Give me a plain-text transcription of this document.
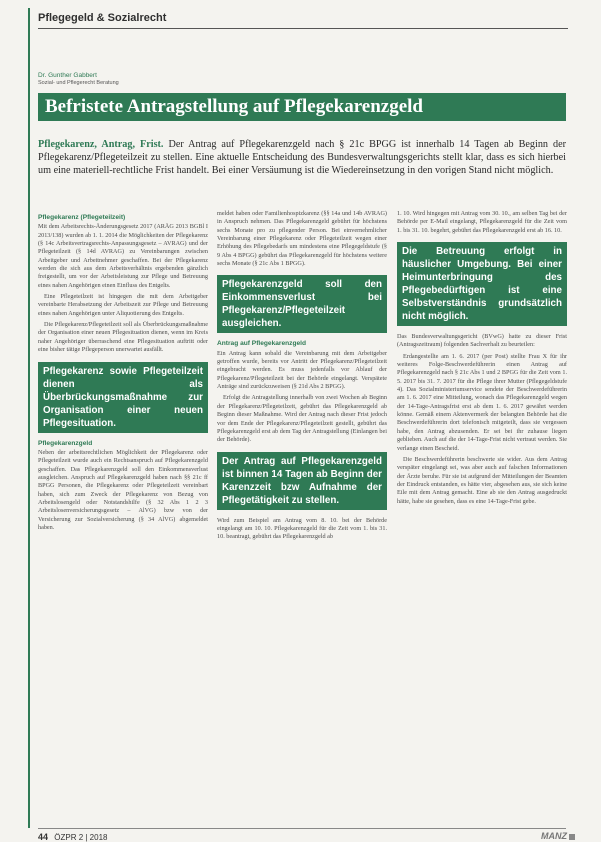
Pflegegeld & Sozialrecht
Dr. Gunther Gabbert
Sozial- und Pflegerecht Beratung
Befristete Antragstellung auf Pflegekarenzgeld
Pflegekarenz, Antrag, Frist. Der Antrag auf Pflegekarenzgeld nach § 21c BPGG ist innerhalb 14 Tagen ab Beginn der Pflegekarenz/Pflegeteilzeit zu stellen. Eine aktuelle Entscheidung des Bundesverwaltungsgerichts stellt klar, dass es sich hierbei um eine materiell-rechtliche Frist handelt. Bei einer Versäumung ist die Wiedereinsetzung in den vorigen Stand nicht möglich.
Pflegekarenz (Pflegeteilzeit)

Mit dem Arbeitsrechts-Änderungsgesetz 2017 (ARÄG 2013 BGBl I 2013/138) wurden ab 1. 1. 2014 die Möglichkeiten der Pflegekarenz (§ 14c Arbeitsvertragsrechts-Anpassungsgesetz – AVRAG) und der Pflegeteilzeit (§ 14d AVRAG) zu Vereinbarungen zwischen Arbeitgeber und Arbeitnehmer geschaffen. Bei der Pflegekarenz werden die sich aus dem Arbeitsverhältnis ergebenden gänzlich freigestellt, um vor der Arbeitsleistung zur Pflege und Betreuung eines nahen Angehörigen einen Einfluss des Entgelts.

Eine Pflegeteilzeit ist hingegen die mit dem Arbeitgeber vereinbarte Herabsetzung der Arbeitszeit zur Pflege und Betreuung eines nahen Angehörigen unter Aliquotierung des Entgelts.

Die Pflegekarenz/Pflegeteilzeit soll als Überbrückungsmaßnahme der Organisation einer neuen Pflegesituation dienen, wenn im Kreis naher Angehöriger überraschend eine Pflegesituation auftritt oder eine bisher tätige Pflegeperson unerwartet ausfällt.

Pflegekarenz sowie Pflegeteilzeit dienen als Überbrückungsmaßnahme zur Organisation einer neuen Pflegesituation.
Pflegekarenzgeld

Neben der arbeitsrechtlichen Möglichkeit der Pflegekarenz oder Pflegeteilzeit wurde auch ein Rechtsanspruch auf Pflegekarenzgeld geschaffen. Das Pflegekarenzgeld soll den Einkommensverlust ausgleichen. Anspruch auf Pflegekarenzgeld haben nach §§ 21c ff BPGG Personen, die Pflegekarenz oder Pflegeteilzeit vereinbart haben, sich zum Zweck der Pflegekarenz von Bezug von Arbeitslosengeld oder Notstandshilfe (§ 32 Abs 1 2 3 Arbeitslosenversicherungsgesetz – AlVG) bzw von der Versicherung zur Sozialversicherung (§ 34 AlVG) abgemeldet haben.

meldet haben oder Familienhospizkarenz (§§ 14a und 14b AVRAG) in Anspruch nehmen. Das Pflegekarenzgeld gebührt für höchstens sechs Monate pro zu pflegender Person. Bei einvernehmlicher Vereinbarung einer Pflegekarenz oder Pflegeteilzeit wegen einer Erhöhung des Pflegebedarfs um mindestens eine Pflegegeldstufe (§ 9 Abs 4 BPGG) gebührt das Pflegekarenzgeld für höchstens weitere sechs Monate (§ 21c Abs 1 BPGG).

Pflegekarenzgeld soll den Einkommensverlust bei Pflegekarenz/Pflegeteilzeit ausgleichen.
Antrag auf Pflegekarenzgeld

Ein Antrag kann sobald die Vereinbarung mit dem Arbeitgeber getroffen wurde, bereits vor Antritt der Pflegekarenz/Pflegeteilzeit eingebracht werden. Es muss jedenfalls vor Ablauf der Pflegekarenz/Pflegeteilzeit bei der Behörde eingelangt. Verspätete Anträge sind zurückzuweisen (§ 21d Abs 2 BPGG).

Erfolgt die Antragstellung innerhalb von zwei Wochen ab Beginn der Pflegekarenz/Pflegeteilzeit, gebührt das Pflegekarenzgeld ab Beginn dieser Maßnahme. Wird der Antrag nach dieser Frist jedoch vor dem Ende der Pflegekarenz/Pflegeteilzeit gestellt, gebührt das Pflegekarenzgeld erst ab dem Tag der Antragstellung (Einlangen bei der Behörde).

Der Antrag auf Pflegekarenzgeld ist binnen 14 Tagen ab Beginn der Karenzzeit bzw Aufnahme der Pflegetätigkeit zu stellen.

Wird zum Beispiel am Antrag vom 8. 10. bei der Behörde eingelangt am 10. 10. Pflegekarenzgeld für die Zeit vom 1. bis 31. 10. beantragt, gebührt das Pflegekarenzgeld ab

1. 10. Wird hingegen mit Antrag vom 30. 10., am selben Tag bei der Behörde per E-Mail eingelangt, Pflegekarenzgeld für die Zeit vom 1. bis 31. 10. begehrt, gebührt das Pflegekarenzgeld erst ab 16. 10.

Die Betreuung erfolgt in häuslicher Umgebung. Bei einer Heimunterbringung des Pflegebedürftigen ist eine Selbstverständnis grundsätzlich nicht möglich.

Das Bundesverwaltungsgericht (BVwG) hatte zu dieser Frist (Antragszeitraum) folgenden Sachverhalt zu beurteilen:

Erdangestellte am 1. 6. 2017 (per Post) stellte Frau X für ihr weiteres Folge-Beschwerdeführerin einen Antrag auf Pflegekarenzgeld nach § 21c Abs 1 und 2 BPGG für die Zeit vom 1. 5. 2017 bis 31. 7. 2017 für die Pflege ihrer Mutter (Pflegegeldstufe 4). Das Sozialministeriumservice sendete der Beschwerdeführerin am 1. 6. 2017 eine Mitteilung, wonach das Pflegekarenzgeld wegen der 14-Tage-Antragsfrist erst ab dem 1. 6. 2017 gewährt werden könne. Gemäß einem Aktenvermerk der belangten Behörde hat die Beschwerdeführerin dort telefonisch mitgeteilt, dass sie vergessen habe, den Antrag abzusenden. Er sei bei ihr zuhause liegen geblieben. Auch auf die der 14-Tage-Frist nicht vertraut werden. Sie verlange einen Bescheid.

Die Beschwerdeführerin beschwerte sie wider. Aus dem Antrag verspäter eingelangt sei, was aber auch auf falschen Informationen der Ärzte beruhe. Für sie ist aufgrund der Mitteilungen der Beamten der Eindruck entstanden, es hätte vier, abgesehen aus, sie sich keine Eile mit dem Antrag gemacht. Eine ab sie den Antrag ausgedruckt hätte, habe sie gesehen, dass es eine 14-Tage-Frist gebe.

44 ÖZPR 2 | 2018	MANZ
